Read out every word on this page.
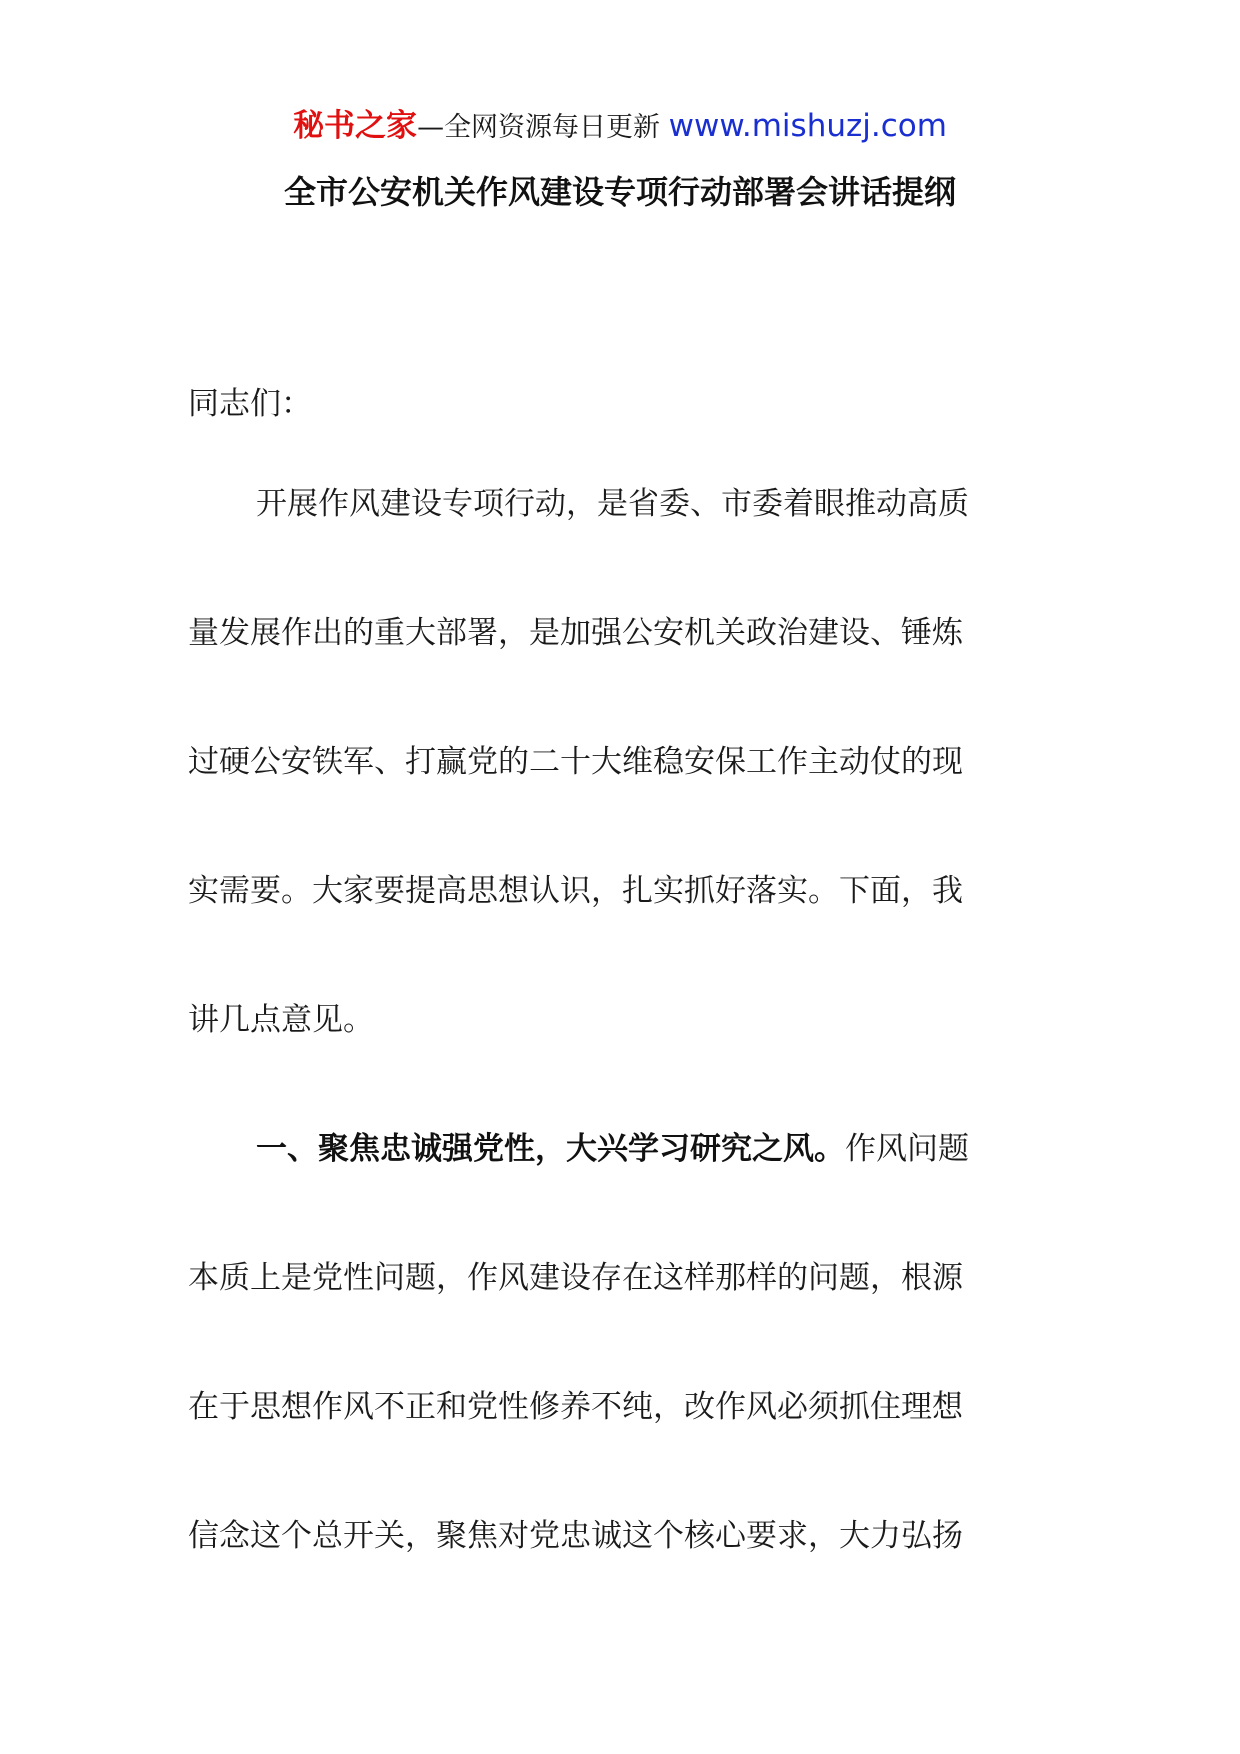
秘书之家—全网资源每日更新 www.mishuzj.com
全市公安机关作风建设专项行动部署会讲话提纲
同志们：
开展作风建设专项行动，是省委、市委着眼推动高质
量发展作出的重大部署，是加强公安机关政治建设、锤炼
过硬公安铁军、打赢党的二十大维稳安保工作主动仗的现
实需要。大家要提高思想认识，扎实抓好落实。下面，我
讲几点意见。
一、聚焦忠诚强党性，大兴学习研究之风。作风问题
本质上是党性问题，作风建设存在这样那样的问题，根源
在于思想作风不正和党性修养不纯，改作风必须抓住理想
信念这个总开关，聚焦对党忠诚这个核心要求，大力弘扬
